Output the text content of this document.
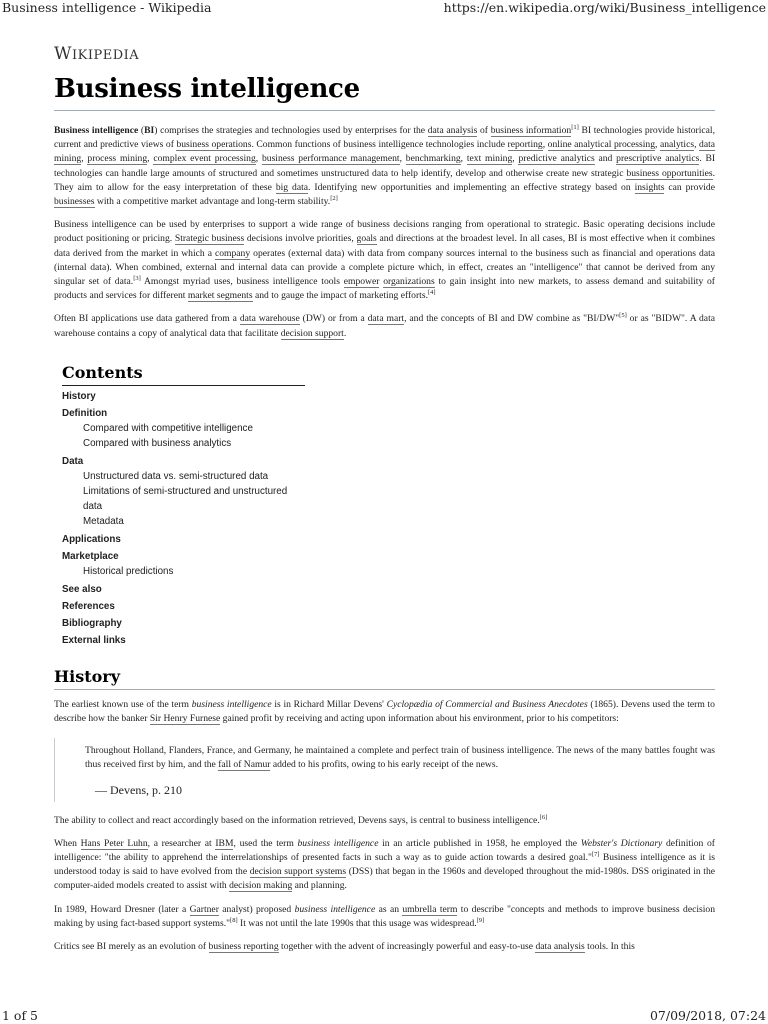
Business intelligence - Wikipedia	https://en.wikipedia.org/wiki/Business_intelligence
WIKIPEDIA
Business intelligence

Business intelligence (BI) comprises the strategies and technologies used by enterprises for the data analysis of business information[1] BI technologies provide historical, current and predictive views of business operations. Common functions of business intelligence technologies include reporting, online analytical processing, analytics, data mining, process mining, complex event processing, business performance management, benchmarking, text mining, predictive analytics and prescriptive analytics. BI technologies can handle large amounts of structured and sometimes unstructured data to help identify, develop and otherwise create new strategic business opportunities. They aim to allow for the easy interpretation of these big data. Identifying new opportunities and implementing an effective strategy based on insights can provide businesses with a competitive market advantage and long-term stability.[2]

Business intelligence can be used by enterprises to support a wide range of business decisions ranging from operational to strategic. Basic operating decisions include product positioning or pricing. Strategic business decisions involve priorities, goals and directions at the broadest level. In all cases, BI is most effective when it combines data derived from the market in which a company operates (external data) with data from company sources internal to the business such as financial and operations data (internal data). When combined, external and internal data can provide a complete picture which, in effect, creates an "intelligence" that cannot be derived from any singular set of data.[3] Amongst myriad uses, business intelligence tools empower organizations to gain insight into new markets, to assess demand and suitability of products and services for different market segments and to gauge the impact of marketing efforts.[4]

Often BI applications use data gathered from a data warehouse (DW) or from a data mart, and the concepts of BI and DW combine as "BI/DW"[5] or as "BIDW". A data warehouse contains a copy of analytical data that facilitate decision support.

Contents
History
Definition
Compared with competitive intelligence
Compared with business analytics
Data
Unstructured data vs. semi-structured data
Limitations of semi-structured and unstructured data
Metadata
Applications
Marketplace
Historical predictions
See also
References
Bibliography
External links
History

The earliest known use of the term business intelligence is in Richard Millar Devens' Cyclopædia of Commercial and Business Anecdotes (1865). Devens used the term to describe how the banker Sir Henry Furnese gained profit by receiving and acting upon information about his environment, prior to his competitors:

Throughout Holland, Flanders, France, and Germany, he maintained a complete and perfect train of business intelligence. The news of the many battles fought was thus received first by him, and the fall of Namur added to his profits, owing to his early receipt of the news.

— Devens, p. 210

The ability to collect and react accordingly based on the information retrieved, Devens says, is central to business intelligence.[6]

When Hans Peter Luhn, a researcher at IBM, used the term business intelligence in an article published in 1958, he employed the Webster's Dictionary definition of intelligence: "the ability to apprehend the interrelationships of presented facts in such a way as to guide action towards a desired goal."[7] Business intelligence as it is understood today is said to have evolved from the decision support systems (DSS) that began in the 1960s and developed throughout the mid-1980s. DSS originated in the computer-aided models created to assist with decision making and planning.

In 1989, Howard Dresner (later a Gartner analyst) proposed business intelligence as an umbrella term to describe "concepts and methods to improve business decision making by using fact-based support systems."[8] It was not until the late 1990s that this usage was widespread.[9]

Critics see BI merely as an evolution of business reporting together with the advent of increasingly powerful and easy-to-use data analysis tools. In this

1 of 5	07/09/2018, 07:24
